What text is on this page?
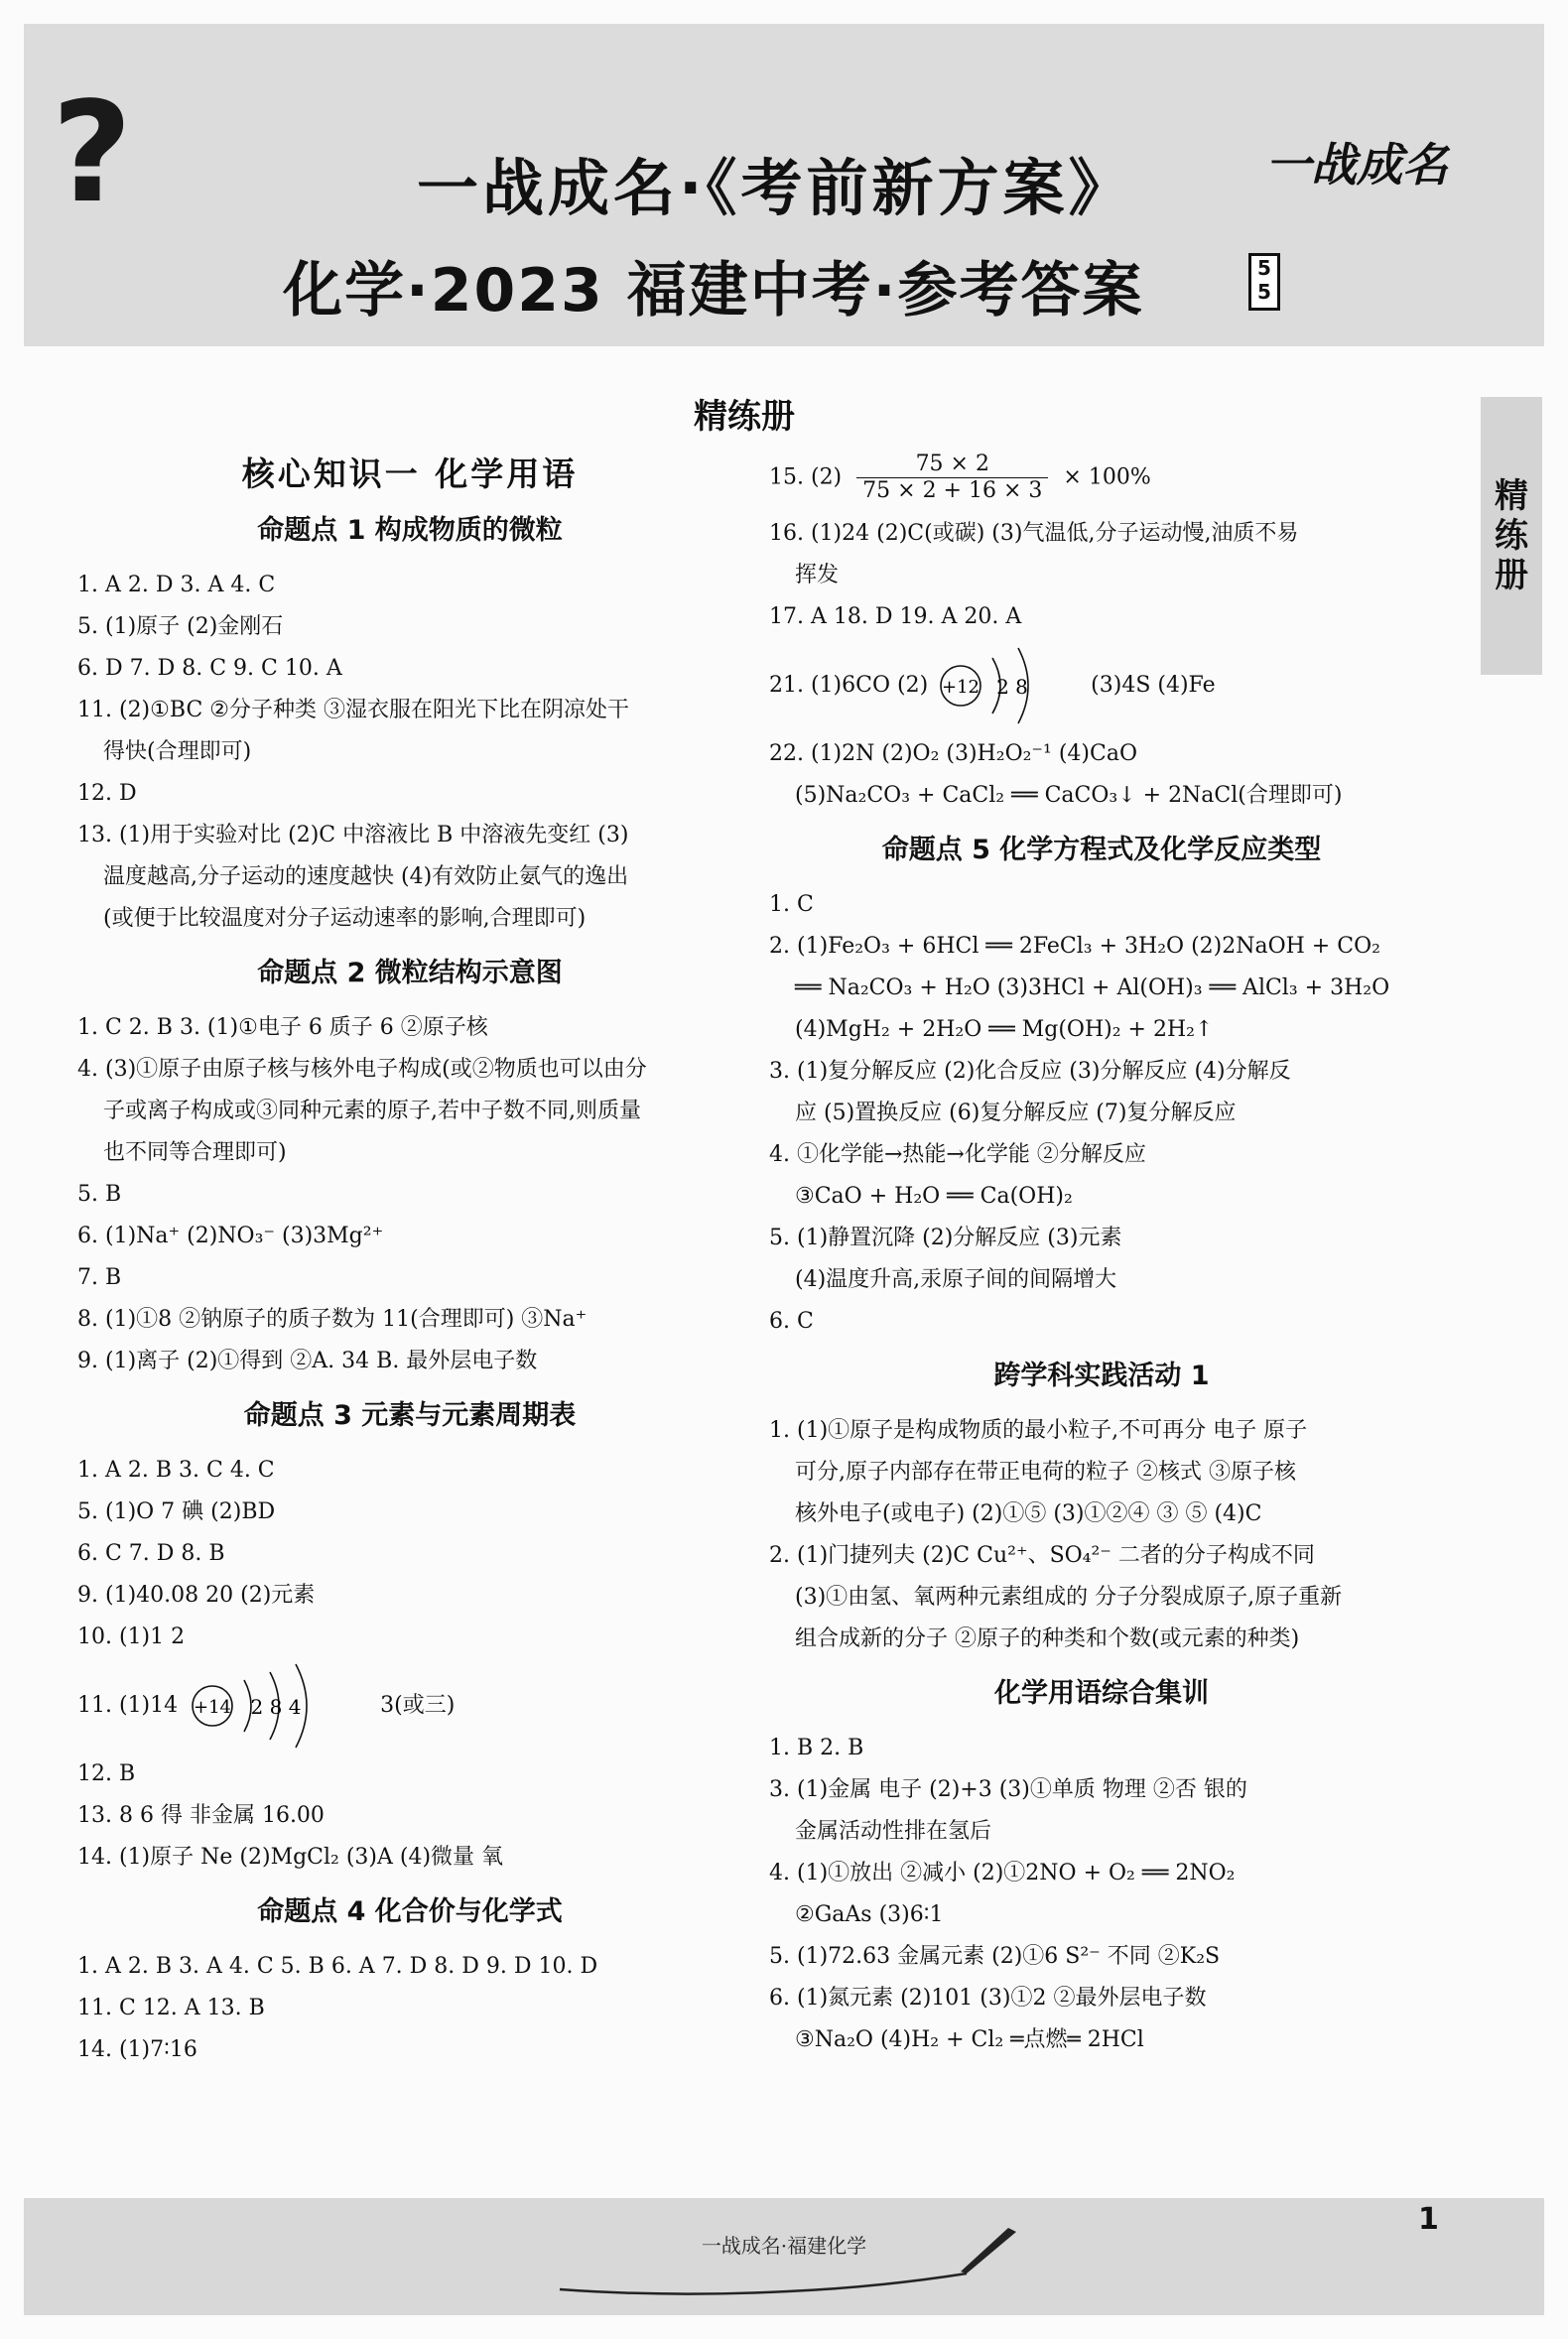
?	一战成名·《考前新方案》	一战成名
化学·2023 福建中考·参考答案	5 5
精
练
册
精练册
核心知识一 化学用语
命题点 1 构成物质的微粒
1. A 2. D 3. A 4. C
5. (1)原子 (2)金刚石
6. D 7. D 8. C 9. C 10. A
11. (2)①BC ②分子种类 ③湿衣服在阳光下比在阴凉处干
得快(合理即可)
12. D
13. (1)用于实验对比 (2)C 中溶液比 B 中溶液先变红 (3)
温度越高,分子运动的速度越快 (4)有效防止氨气的逸出
(或便于比较温度对分子运动速率的影响,合理即可)
命题点 2 微粒结构示意图
1. C 2. B 3. (1)①电子 6 质子 6 ②原子核
4. (3)①原子由原子核与核外电子构成(或②物质也可以由分
子或离子构成或③同种元素的原子,若中子数不同,则质量
也不同等合理即可)
5. B
6. (1)Na⁺ (2)NO₃⁻ (3)3Mg²⁺
7. B
8. (1)①8 ②钠原子的质子数为 11(合理即可) ③Na⁺
9. (1)离子 (2)①得到 ②A. 34 B. 最外层电子数
命题点 3 元素与元素周期表
1. A 2. B 3. C 4. C
5. (1)O 7 碘 (2)BD
6. C 7. D 8. B
9. (1)40.08 20 (2)元素
10. (1)1 2
11. (1)14 +14 2 8 4	3(或三)
12. B
13. 8 6 得 非金属 16.00
14. (1)原子 Ne (2)MgCl₂ (3)A (4)微量 氧
命题点 4 化合价与化学式
1. A 2. B 3. A 4. C 5. B 6. A 7. D 8. D 9. D 10. D
11. C 12. A 13. B
14. (1)7∶16
15. $(2) \frac{75 \times 2}{75 \times 2 + 16 \times 3} \times 100\%$
16. (1)24 (2)C(或碳) (3)气温低,分子运动慢,油质不易
挥发
17. A 18. D 19. A 20. A
21. (1)6CO (2) +12 2 8	(3)4S (4)Fe
22. (1)2N (2)O₂ (3)H₂O₂⁻¹ (4)CaO
(5)Na₂CO₃ + CaCl₂ ══ CaCO₃↓ + 2NaCl(合理即可)
命题点 5 化学方程式及化学反应类型
1. C
2. (1)Fe₂O₃ + 6HCl ══ 2FeCl₃ + 3H₂O (2)2NaOH + CO₂
══ Na₂CO₃ + H₂O (3)3HCl + Al(OH)₃ ══ AlCl₃ + 3H₂O
(4)MgH₂ + 2H₂O ══ Mg(OH)₂ + 2H₂↑
3. (1)复分解反应 (2)化合反应 (3)分解反应 (4)分解反
应 (5)置换反应 (6)复分解反应 (7)复分解反应
4. ①化学能→热能→化学能 ②分解反应
③CaO + H₂O ══ Ca(OH)₂
5. (1)静置沉降 (2)分解反应 (3)元素
(4)温度升高,汞原子间的间隔增大
6. C
跨学科实践活动 1
1. (1)①原子是构成物质的最小粒子,不可再分 电子 原子
可分,原子内部存在带正电荷的粒子 ②核式 ③原子核
核外电子(或电子) (2)①⑤ (3)①②④ ③ ⑤ (4)C
2. (1)门捷列夫 (2)C Cu²⁺、SO₄²⁻ 二者的分子构成不同
(3)①由氢、氧两种元素组成的 分子分裂成原子,原子重新
组合成新的分子 ②原子的种类和个数(或元素的种类)
化学用语综合集训
1. B 2. B
3. (1)金属 电子 (2)+3 (3)①单质 物理 ②否 银的
金属活动性排在氢后
4. (1)①放出 ②减小 (2)①2NO + O₂ ══ 2NO₂
②GaAs (3)6∶1
5. (1)72.63 金属元素 (2)①6 S²⁻ 不同 ②K₂S
6. (1)氮元素 (2)101 (3)①2 ②最外层电子数
③Na₂O (4)H₂ + Cl₂ ═点燃═ 2HCl
1
一战成名·福建化学
